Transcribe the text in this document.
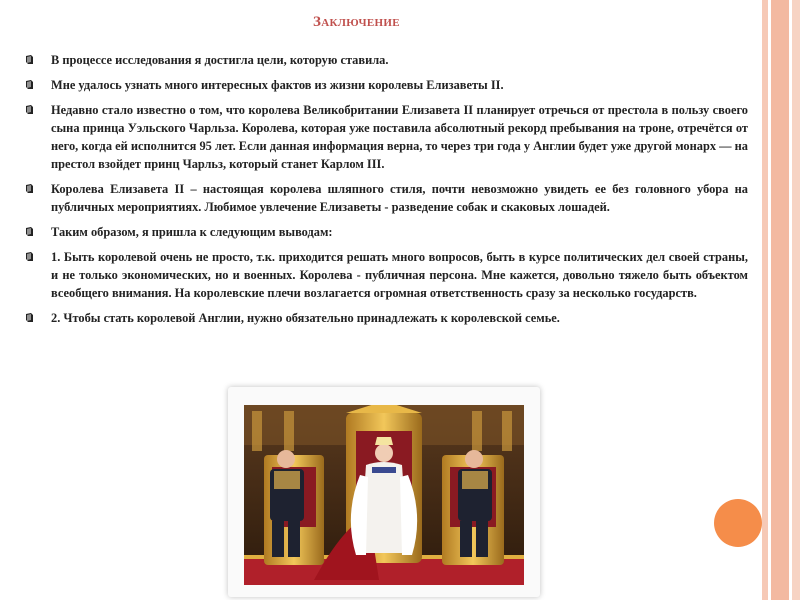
Заключение
В процессе исследования я достигла цели, которую ставила.
Мне удалось узнать много интересных фактов из жизни королевы Елизаветы II.
Недавно стало известно о том, что королева Великобритании Елизавета II планирует отречься от престола в пользу своего сына принца Уэльского Чарльза. Королева, которая уже поставила абсолютный рекорд пребывания на троне, отречётся от него, когда ей исполнится 95 лет. Если данная информация верна, то через три года у Англии будет уже другой монарх — на престол взойдет принц Чарльз, который станет Карлом III.
Королева Елизавета II – настоящая королева шляпного стиля, почти невозможно увидеть ее без головного убора на публичных мероприятиях. Любимое увлечение Елизаветы - разведение собак и скаковых лошадей.
Таким образом, я пришла к следующим выводам:
1. Быть королевой очень не просто, т.к. приходится решать много вопросов, быть в курсе политических дел своей страны, и не только экономических, но и военных. Королева - публичная персона. Мне кажется, довольно тяжело быть объектом всеобщего внимания. На королевские плечи возлагается огромная ответственность сразу за несколько государств.
2. Чтобы стать королевой Англии, нужно обязательно принадлежать к королевской семье.
